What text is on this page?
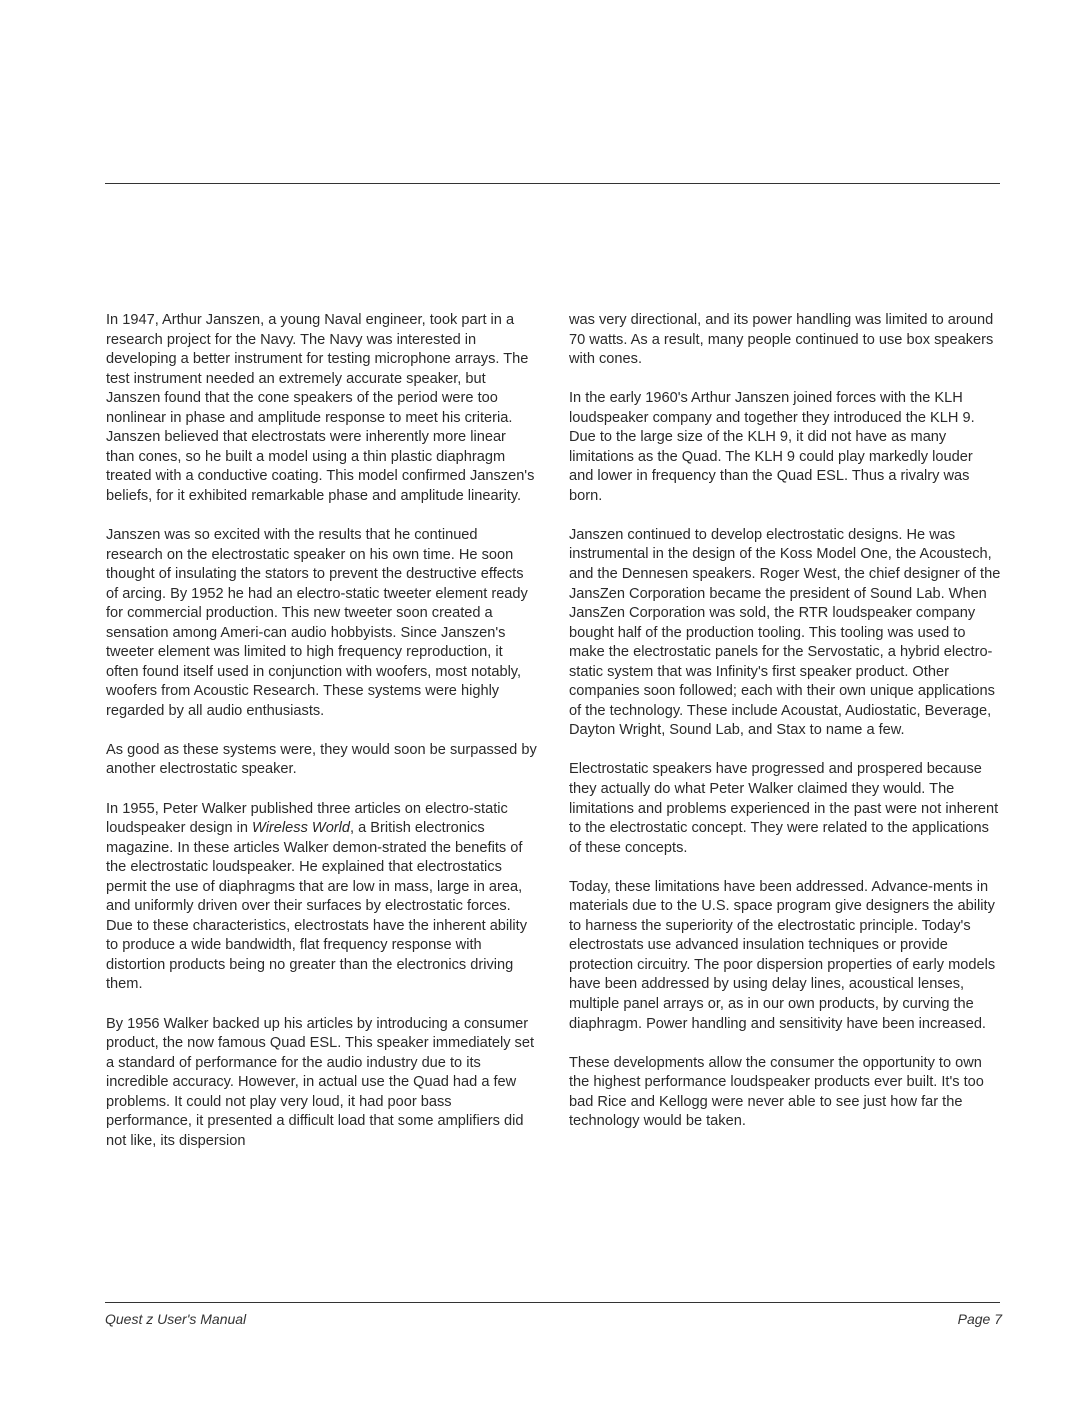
In 1947, Arthur Janszen, a young Naval engineer, took part in a research project for the Navy. The Navy was interested in developing a better instrument for testing microphone arrays. The test instrument needed an extremely accurate speaker, but Janszen found that the cone speakers of the period were too nonlinear in phase and amplitude response to meet his criteria. Janszen believed that electrostats were inherently more linear than cones, so he built a model using a thin plastic diaphragm treated with a conductive coating. This model confirmed Janszen's beliefs, for it exhibited remarkable phase and amplitude linearity.

Janszen was so excited with the results that he continued research on the electrostatic speaker on his own time. He soon thought of insulating the stators to prevent the destructive effects of arcing. By 1952 he had an electro-static tweeter element ready for commercial production. This new tweeter soon created a sensation among Ameri-can audio hobbyists. Since Janszen's tweeter element was limited to high frequency reproduction, it often found itself used in conjunction with woofers, most notably, woofers from Acoustic Research. These systems were highly regarded by all audio enthusiasts.

As good as these systems were, they would soon be surpassed by another electrostatic speaker.

In 1955, Peter Walker published three articles on electro-static loudspeaker design in Wireless World, a British electronics magazine. In these articles Walker demon-strated the benefits of the electrostatic loudspeaker. He explained that electrostatics permit the use of diaphragms that are low in mass, large in area, and uniformly driven over their surfaces by electrostatic forces. Due to these characteristics, electrostats have the inherent ability to produce a wide bandwidth, flat frequency response with distortion products being no greater than the electronics driving them.

By 1956 Walker backed up his articles by introducing a consumer product, the now famous Quad ESL. This speaker immediately set a standard of performance for the audio industry due to its incredible accuracy. However, in actual use the Quad had a few problems. It could not play very loud, it had poor bass performance, it presented a difficult load that some amplifiers did not like, its dispersion

was very directional, and its power handling was limited to around 70 watts. As a result, many people continued to use box speakers with cones.

In the early 1960's Arthur Janszen joined forces with the KLH loudspeaker company and together they introduced the KLH 9. Due to the large size of the KLH 9, it did not have as many limitations as the Quad. The KLH 9 could play markedly louder and lower in frequency than the Quad ESL. Thus a rivalry was born.

Janszen continued to develop electrostatic designs. He was instrumental in the design of the Koss Model One, the Acoustech, and the Dennesen speakers. Roger West, the chief designer of the JansZen Corporation became the president of Sound Lab. When JansZen Corporation was sold, the RTR loudspeaker company bought half of the production tooling. This tooling was used to make the electrostatic panels for the Servostatic, a hybrid electro-static system that was Infinity's first speaker product. Other companies soon followed; each with their own unique applications of the technology. These include Acoustat, Audiostatic, Beverage, Dayton Wright, Sound Lab, and Stax to name a few.

Electrostatic speakers have progressed and prospered because they actually do what Peter Walker claimed they would. The limitations and problems experienced in the past were not inherent to the electrostatic concept. They were related to the applications of these concepts.

Today, these limitations have been addressed. Advance-ments in materials due to the U.S. space program give designers the ability to harness the superiority of the electrostatic principle. Today's electrostats use advanced insulation techniques or provide protection circuitry. The poor dispersion properties of early models have been addressed by using delay lines, acoustical lenses, multiple panel arrays or, as in our own products, by curving the diaphragm. Power handling and sensitivity have been increased.

These developments allow the consumer the opportunity to own the highest performance loudspeaker products ever built. It's too bad Rice and Kellogg were never able to see just how far the technology would be taken.

Quest z User's Manual	Page 7
